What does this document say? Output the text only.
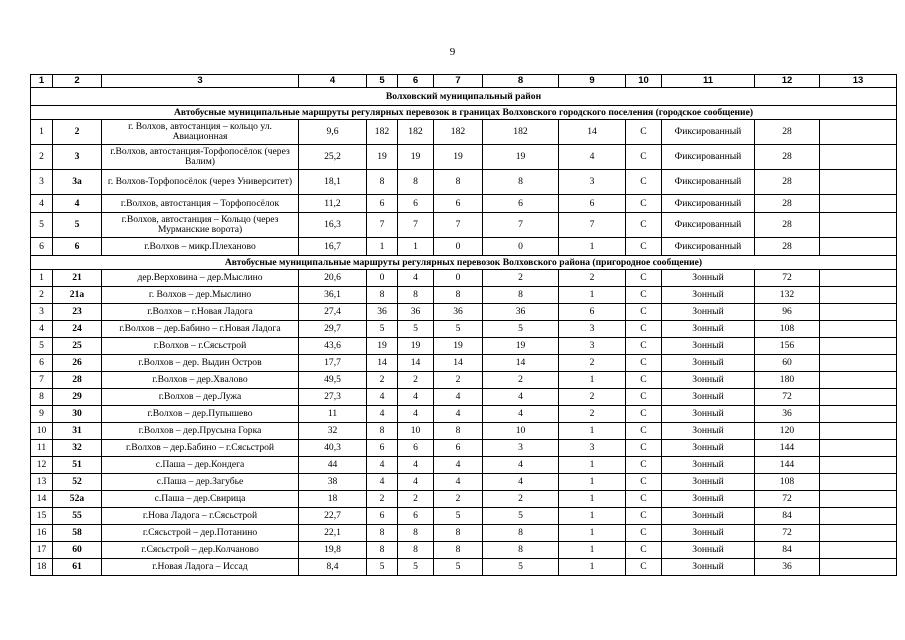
9
1	2	3	4	5	6	7	8	9	10	11	12	13
Волховский муниципальный район												
Автобусные муниципальные маршруты регулярных перевозок в границах Волховского городского поселения (городское сообщение)												
1	2	г. Волхов, автостанция – кольцо ул. Авиационная	9,6	182	182	182	182	14	С	Фиксированный	28	
2	3	г.Волхов, автостанция-Торфопосёлок (через Валим)	25,2	19	19	19	19	4	С	Фиксированный	28	
3	3а	г. Волхов-Торфопосёлок (через Университет)	18,1	8	8	8	8	3	С	Фиксированный	28	
4	4	г.Волхов, автостанция – Торфопосёлок	11,2	6	6	6	6	6	С	Фиксированный	28	
5	5	г.Волхов, автостанция – Кольцо (через Мурманские ворота)	16,3	7	7	7	7	7	С	Фиксированный	28	
6	6	г.Волхов – микр.Плеханово	16,7	1	1	0	0	1	С	Фиксированный	28	
Автобусные муниципальные маршруты регулярных перевозок Волховского района (пригородное сообщение)												
1	21	дер.Верховина – дер.Мыслино	20,6	0	4	0	2	2	С	Зонный	72	
2	21а	г. Волхов – дер.Мыслино	36,1	8	8	8	8	1	С	Зонный	132	
3	23	г.Волхов – г.Новая Ладога	27,4	36	36	36	36	6	С	Зонный	96	
4	24	г.Волхов – дер.Бабино – г.Новая Ладога	29,7	5	5	5	5	3	С	Зонный	108	
5	25	г.Волхов – г.Сясьстрой	43,6	19	19	19	19	3	С	Зонный	156	
6	26	г.Волхов – дер. Выдин Остров	17,7	14	14	14	14	2	С	Зонный	60	
7	28	г.Волхов – дер.Хвалово	49,5	2	2	2	2	1	С	Зонный	180	
8	29	г.Волхов – дер.Лужа	27,3	4	4	4	4	2	С	Зонный	72	
9	30	г.Волхов – дер.Пупышево	11	4	4	4	4	2	С	Зонный	36	
10	31	г.Волхов – дер.Прусына Горка	32	8	10	8	10	1	С	Зонный	120	
11	32	г.Волхов – дер.Бабино – г.Сясьстрой	40,3	6	6	6	3	3	С	Зонный	144	
12	51	с.Паша – дер.Кондега	44	4	4	4	4	1	С	Зонный	144	
13	52	с.Паша – дер.Загубье	38	4	4	4	4	1	С	Зонный	108	
14	52а	с.Паша – дер.Свирица	18	2	2	2	2	1	С	Зонный	72	
15	55	г.Нова Ладога – г.Сясьстрой	22,7	6	6	5	5	1	С	Зонный	84	
16	58	г.Сясьстрой – дер.Потанино	22,1	8	8	8	8	1	С	Зонный	72	
17	60	г.Сясьстрой – дер.Колчаново	19,8	8	8	8	8	1	С	Зонный	84	
18	61	г.Новая Ладога – Иссад	8,4	5	5	5	5	1	С	Зонный	36	
